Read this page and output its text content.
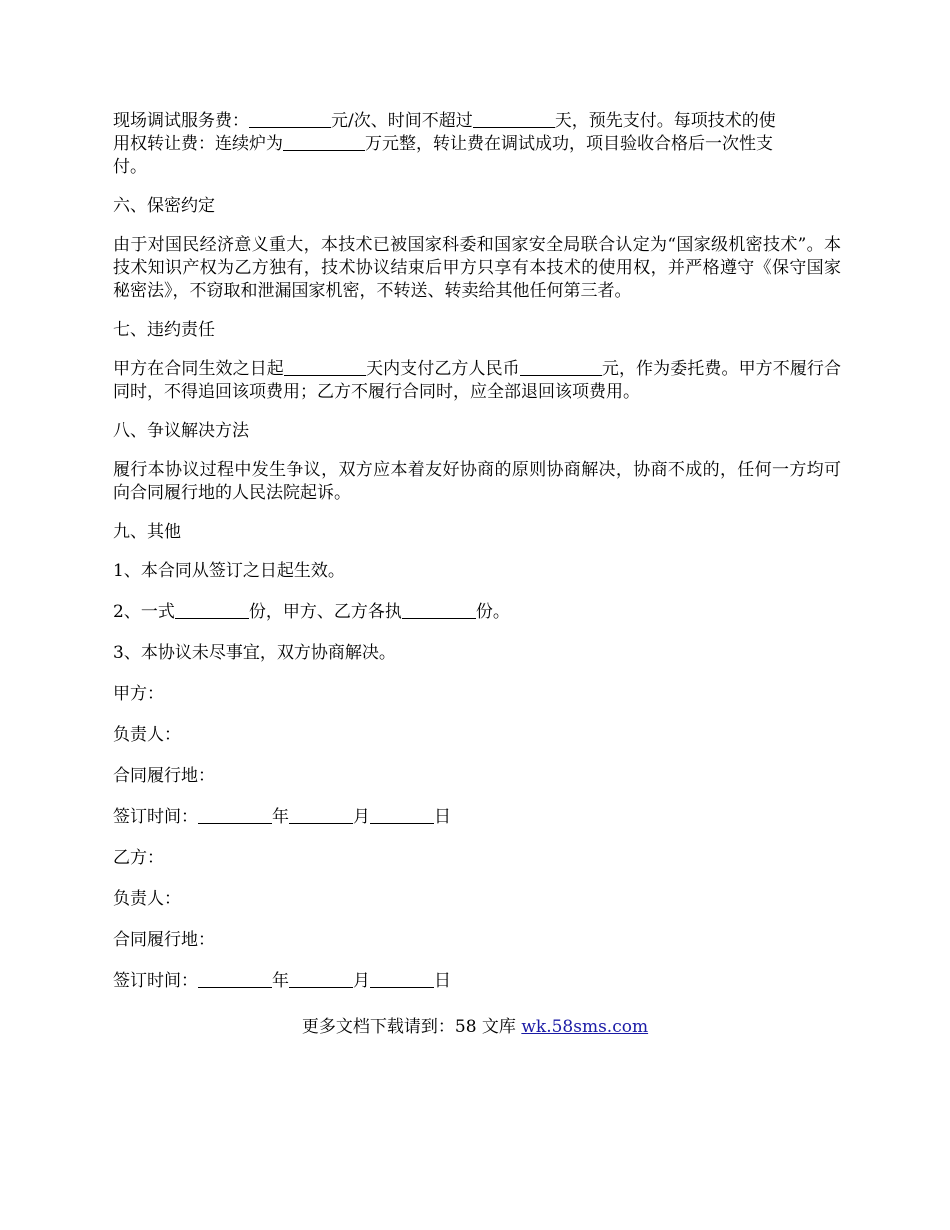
现场调试服务费：	元/次、时间不超过	天，预先支付。每项技术的使
用权转让费：连续炉为	万元整，转让费在调试成功，项目验收合格后一次性支
付。
六、保密约定
由于对国民经济意义重大，本技术已被国家科委和国家安全局联合认定为“国家级机密技术”。本技术知识产权为乙方独有，技术协议结束后甲方只享有本技术的使用权，并严格遵守《保守国家秘密法》，不窃取和泄漏国家机密，不转送、转卖给其他任何第三者。
七、违约责任
甲方在合同生效之日起	天内支付乙方人民币	元，作为委托费。甲方不履行合同时，不得追回该项费用；乙方不履行合同时，应全部退回该项费用。
八、争议解决方法
履行本协议过程中发生争议，双方应本着友好协商的原则协商解决，协商不成的，任何一方均可向合同履行地的人民法院起诉。
九、其他
1、本合同从签订之日起生效。
2、一式	份，甲方、乙方各执	份。
3、本协议未尽事宜，双方协商解决。
甲方：
负责人：
合同履行地：
签订时间：	年	月	日
乙方：
负责人：
合同履行地：
签订时间：	年	月	日
更多文档下载请到：58 文库 wk.58sms.com
